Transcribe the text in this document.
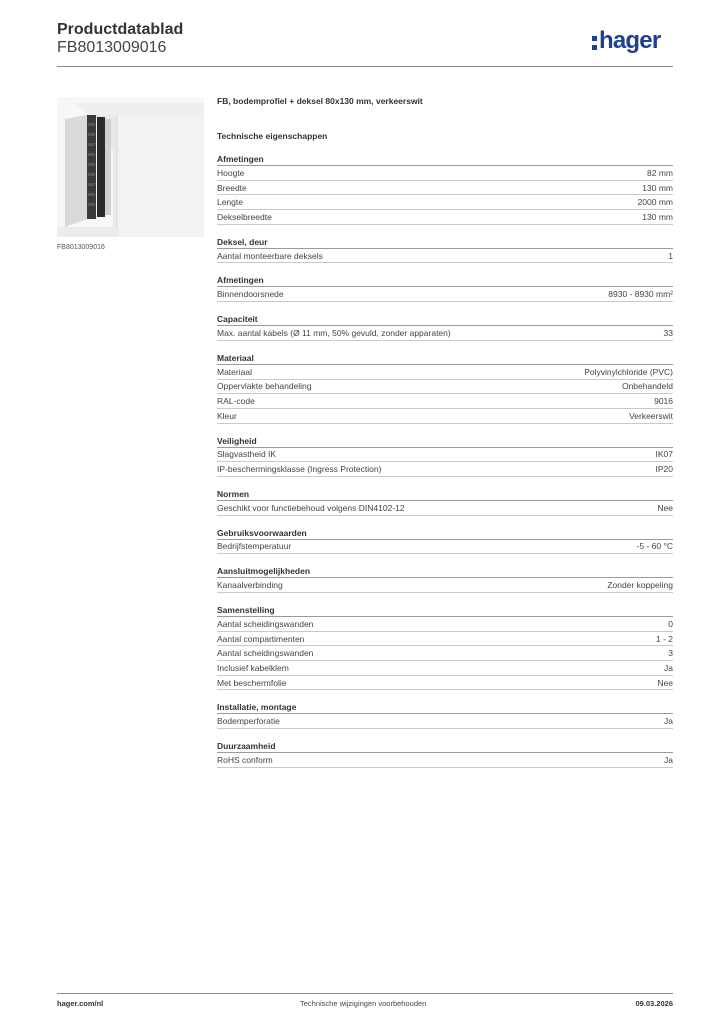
Productdatablad
FB8013009016	hager
FB8013009016
FB, bodemprofiel + deksel 80x130 mm, verkeerswit
Technische eigenschappen
Afmetingen
Hoogte	82 mm
Breedte	130 mm
Lengte	2000 mm
Dekselbreedte	130 mm
Deksel, deur
Aantal monteerbare deksels	1
Afmetingen
Binnendoorsnede	8930 - 8930 mm²
Capaciteit
Max. aantal kabels (Ø 11 mm, 50% gevuld, zonder apparaten)	33
Materiaal
Materiaal	Polyvinylchloride (PVC)
Oppervlakte behandeling	Onbehandeld
RAL-code	9016
Kleur	Verkeerswit
Veiligheid
Slagvastheid IK	IK07
IP-beschermingsklasse (Ingress Protection)	IP20
Normen
Geschikt voor functiebehoud volgens DIN4102-12	Nee
Gebruiksvoorwaarden
Bedrijfstemperatuur	-5 - 60 °C
Aansluitmogelijkheden
Kanaalverbinding	Zonder koppeling
Samenstelling
Aantal scheidingswanden	0
Aantal compartimenten	1 - 2
Aantal scheidingswanden	3
Inclusief kabelklem	Ja
Met beschermfolie	Nee
Installatie, montage
Bodemperforatie	Ja
Duurzaamheid
RoHS conform	Ja
hager.com/nl	Technische wijzigingen voorbehouden	09.03.2026
